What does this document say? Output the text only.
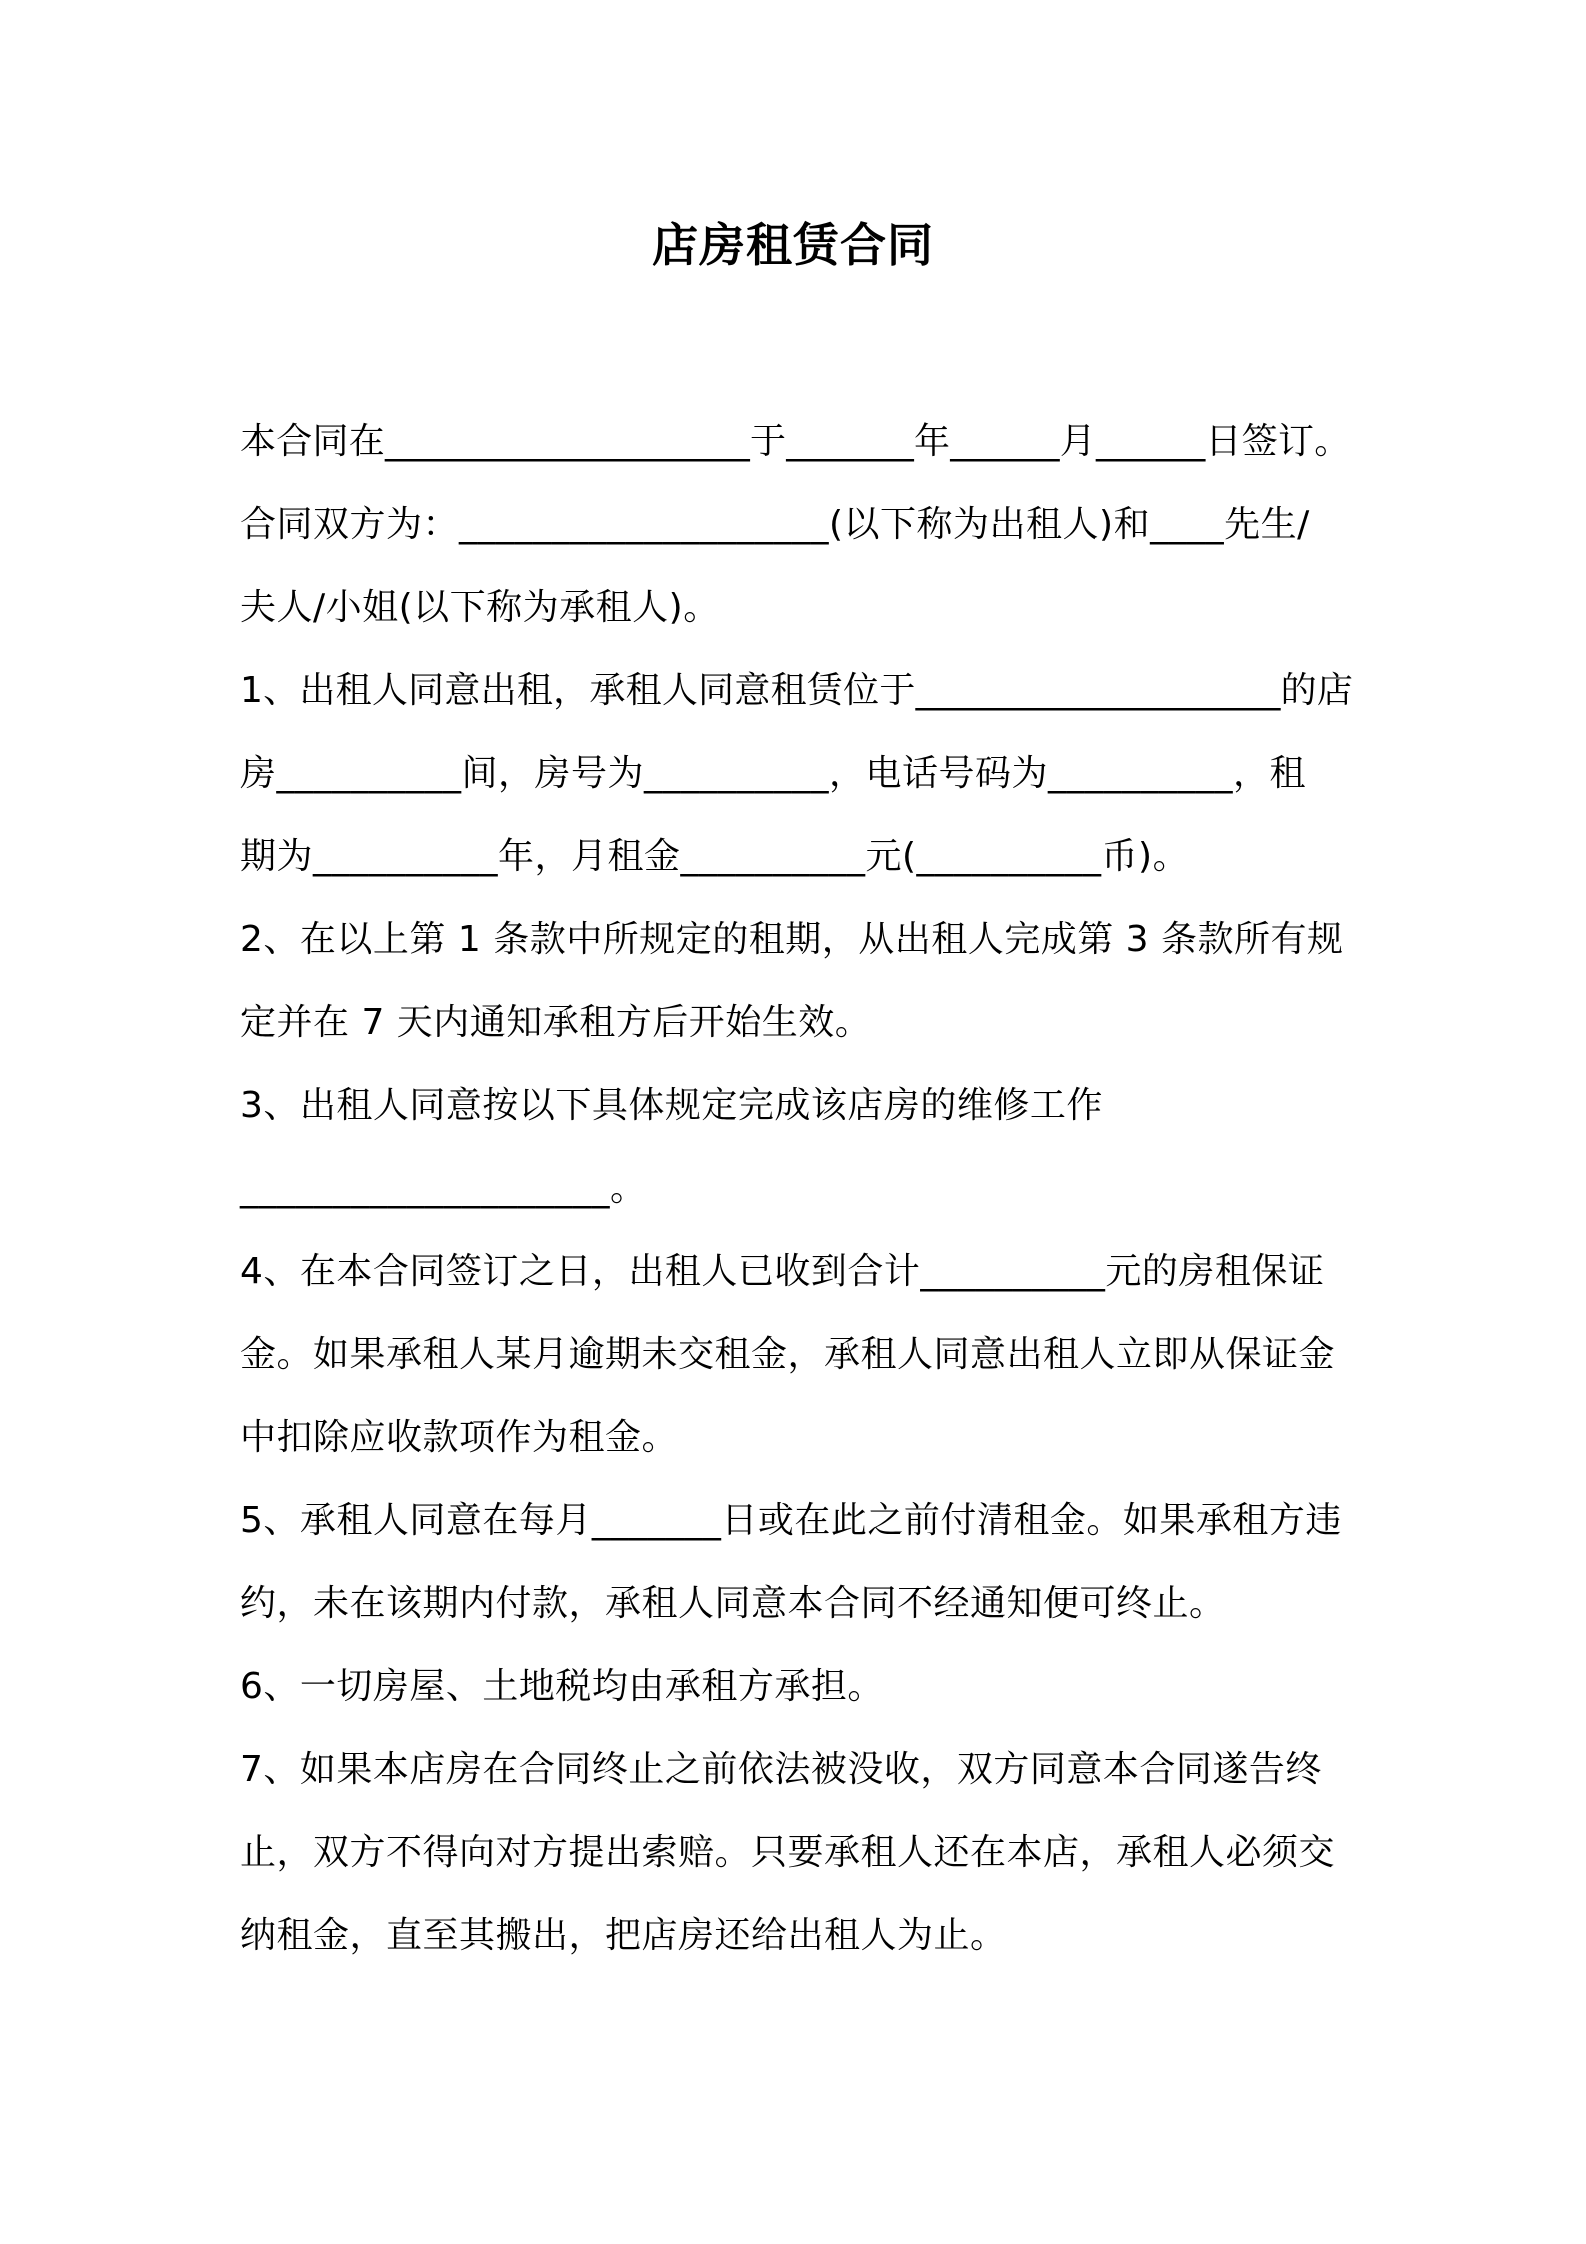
店房租赁合同
本合同在____________________于_______年______月______日签订。
合同双方为：____________________(以下称为出租人)和____先生/
夫人/小姐(以下称为承租人)。
1、出租人同意出租，承租人同意租赁位于____________________的店
房__________间，房号为__________，电话号码为__________，租
期为__________年，月租金__________元(__________币)。
2、在以上第 1 条款中所规定的租期，从出租人完成第 3 条款所有规
定并在 7 天内通知承租方后开始生效。
3、出租人同意按以下具体规定完成该店房的维修工作
____________________。
4、在本合同签订之日，出租人已收到合计__________元的房租保证
金。如果承租人某月逾期未交租金，承租人同意出租人立即从保证金
中扣除应收款项作为租金。
5、承租人同意在每月_______日或在此之前付清租金。如果承租方违
约，未在该期内付款，承租人同意本合同不经通知便可终止。
6、一切房屋、土地税均由承租方承担。
7、如果本店房在合同终止之前依法被没收，双方同意本合同遂告终
止，双方不得向对方提出索赔。只要承租人还在本店，承租人必须交
纳租金，直至其搬出，把店房还给出租人为止。
